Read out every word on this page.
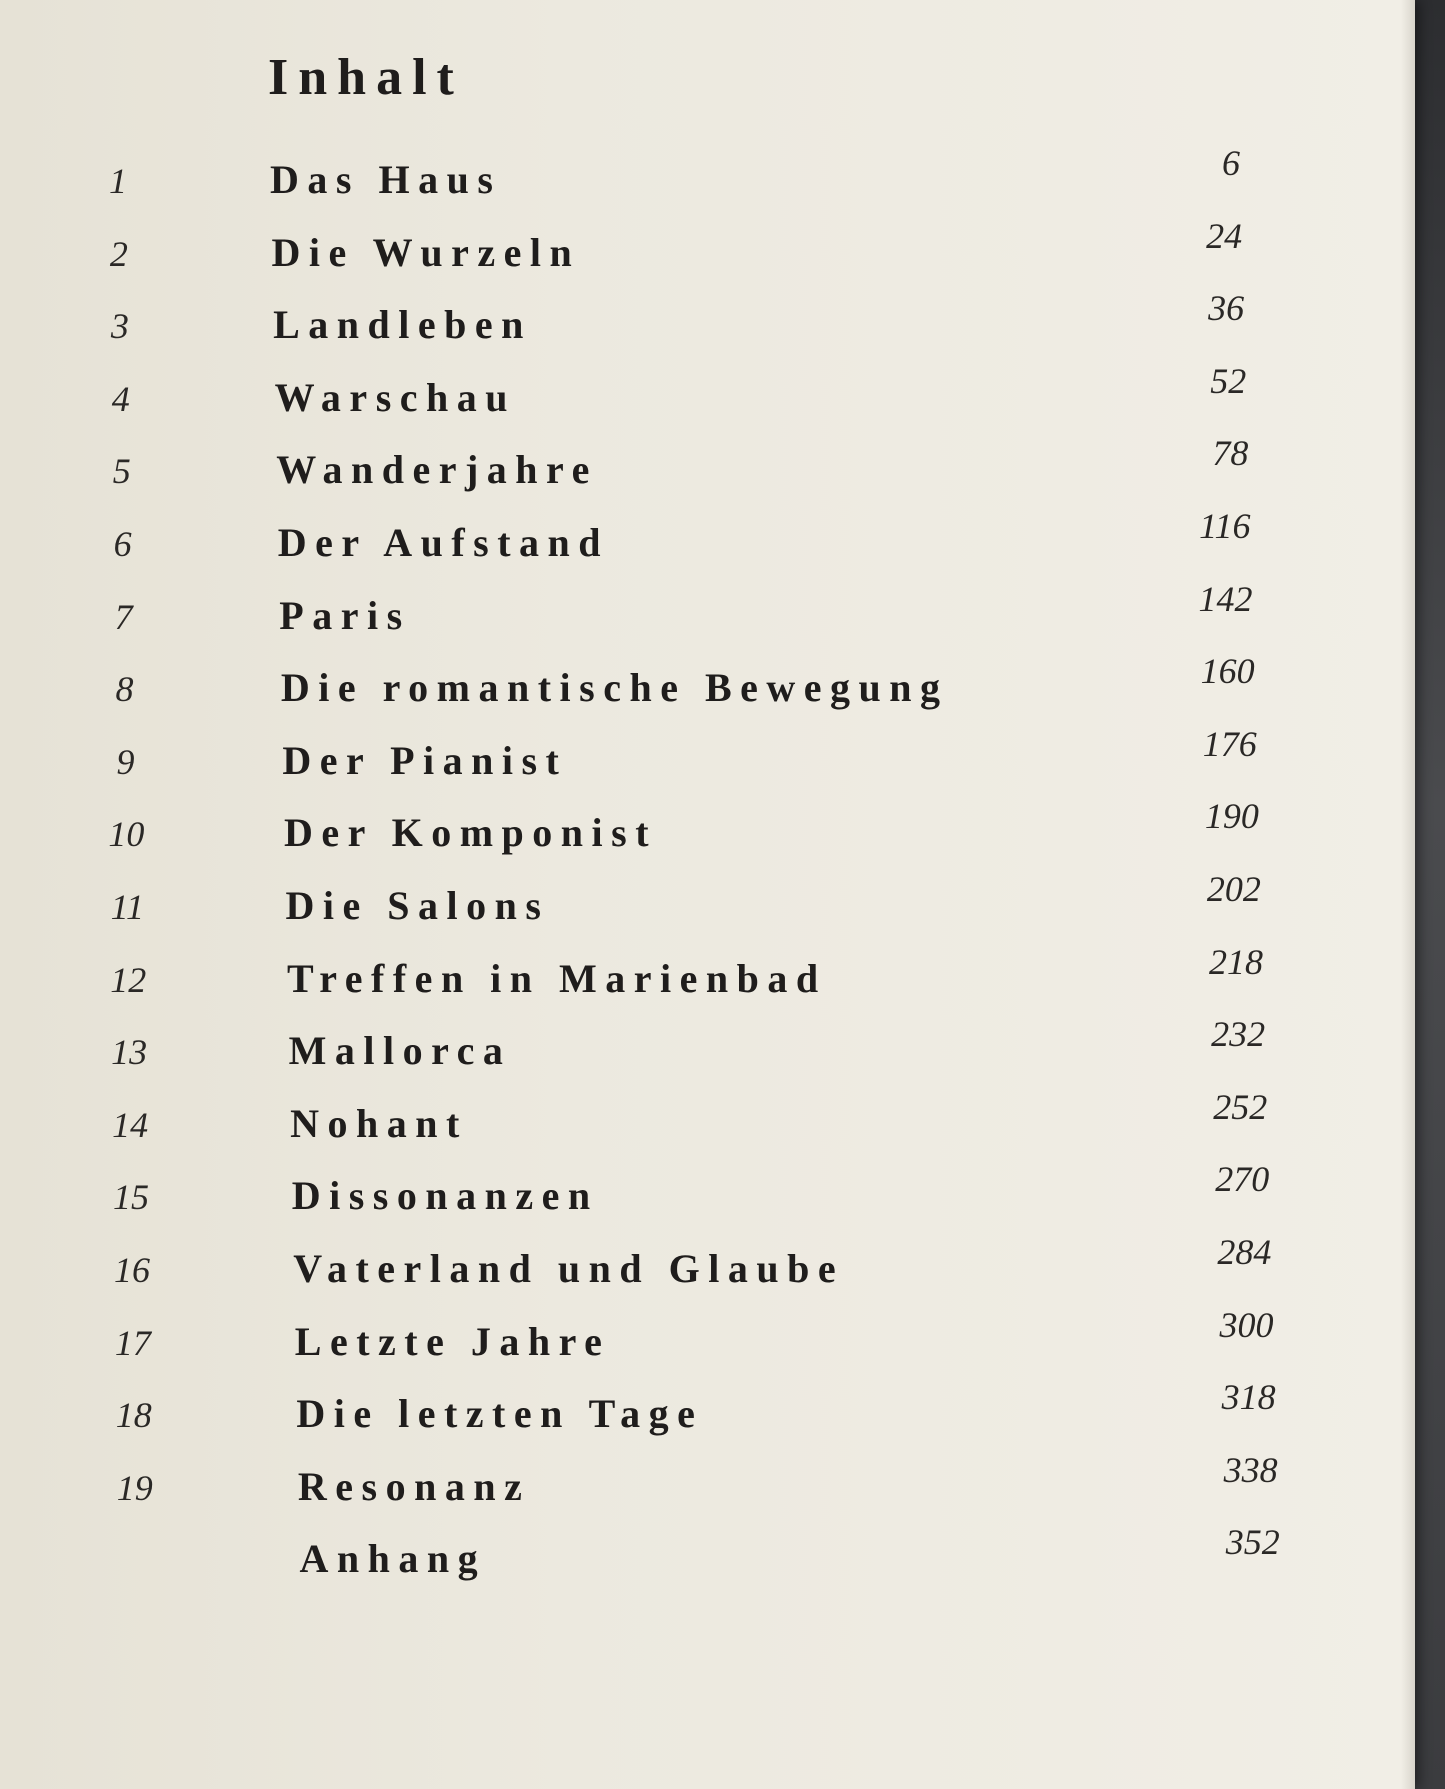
Inhalt
1	Das Haus	6
2	Die Wurzeln	24
3	Landleben	36
4	Warschau	52
5	Wanderjahre	78
6	Der Aufstand	116
7	Paris	142
8	Die romantische Bewegung	160
9	Der Pianist	176
10	Der Komponist	190
11	Die Salons	202
12	Treffen in Marienbad	218
13	Mallorca	232
14	Nohant	252
15	Dissonanzen	270
16	Vaterland und Glaube	284
17	Letzte Jahre	300
18	Die letzten Tage	318
19	Resonanz	338
Anhang	352
